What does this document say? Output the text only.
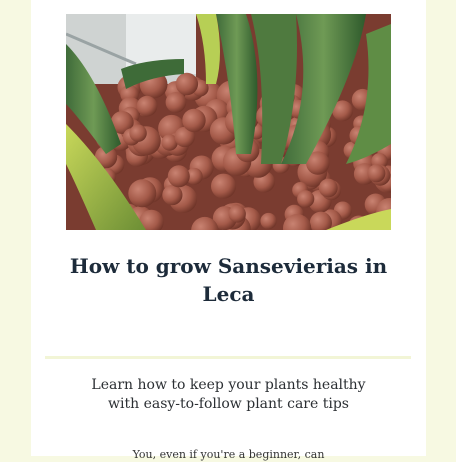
How to grow Sansevierias in Leca

Learn how to keep your plants healthy with easy-to-follow plant care tips

You, even if you're a beginner, can
